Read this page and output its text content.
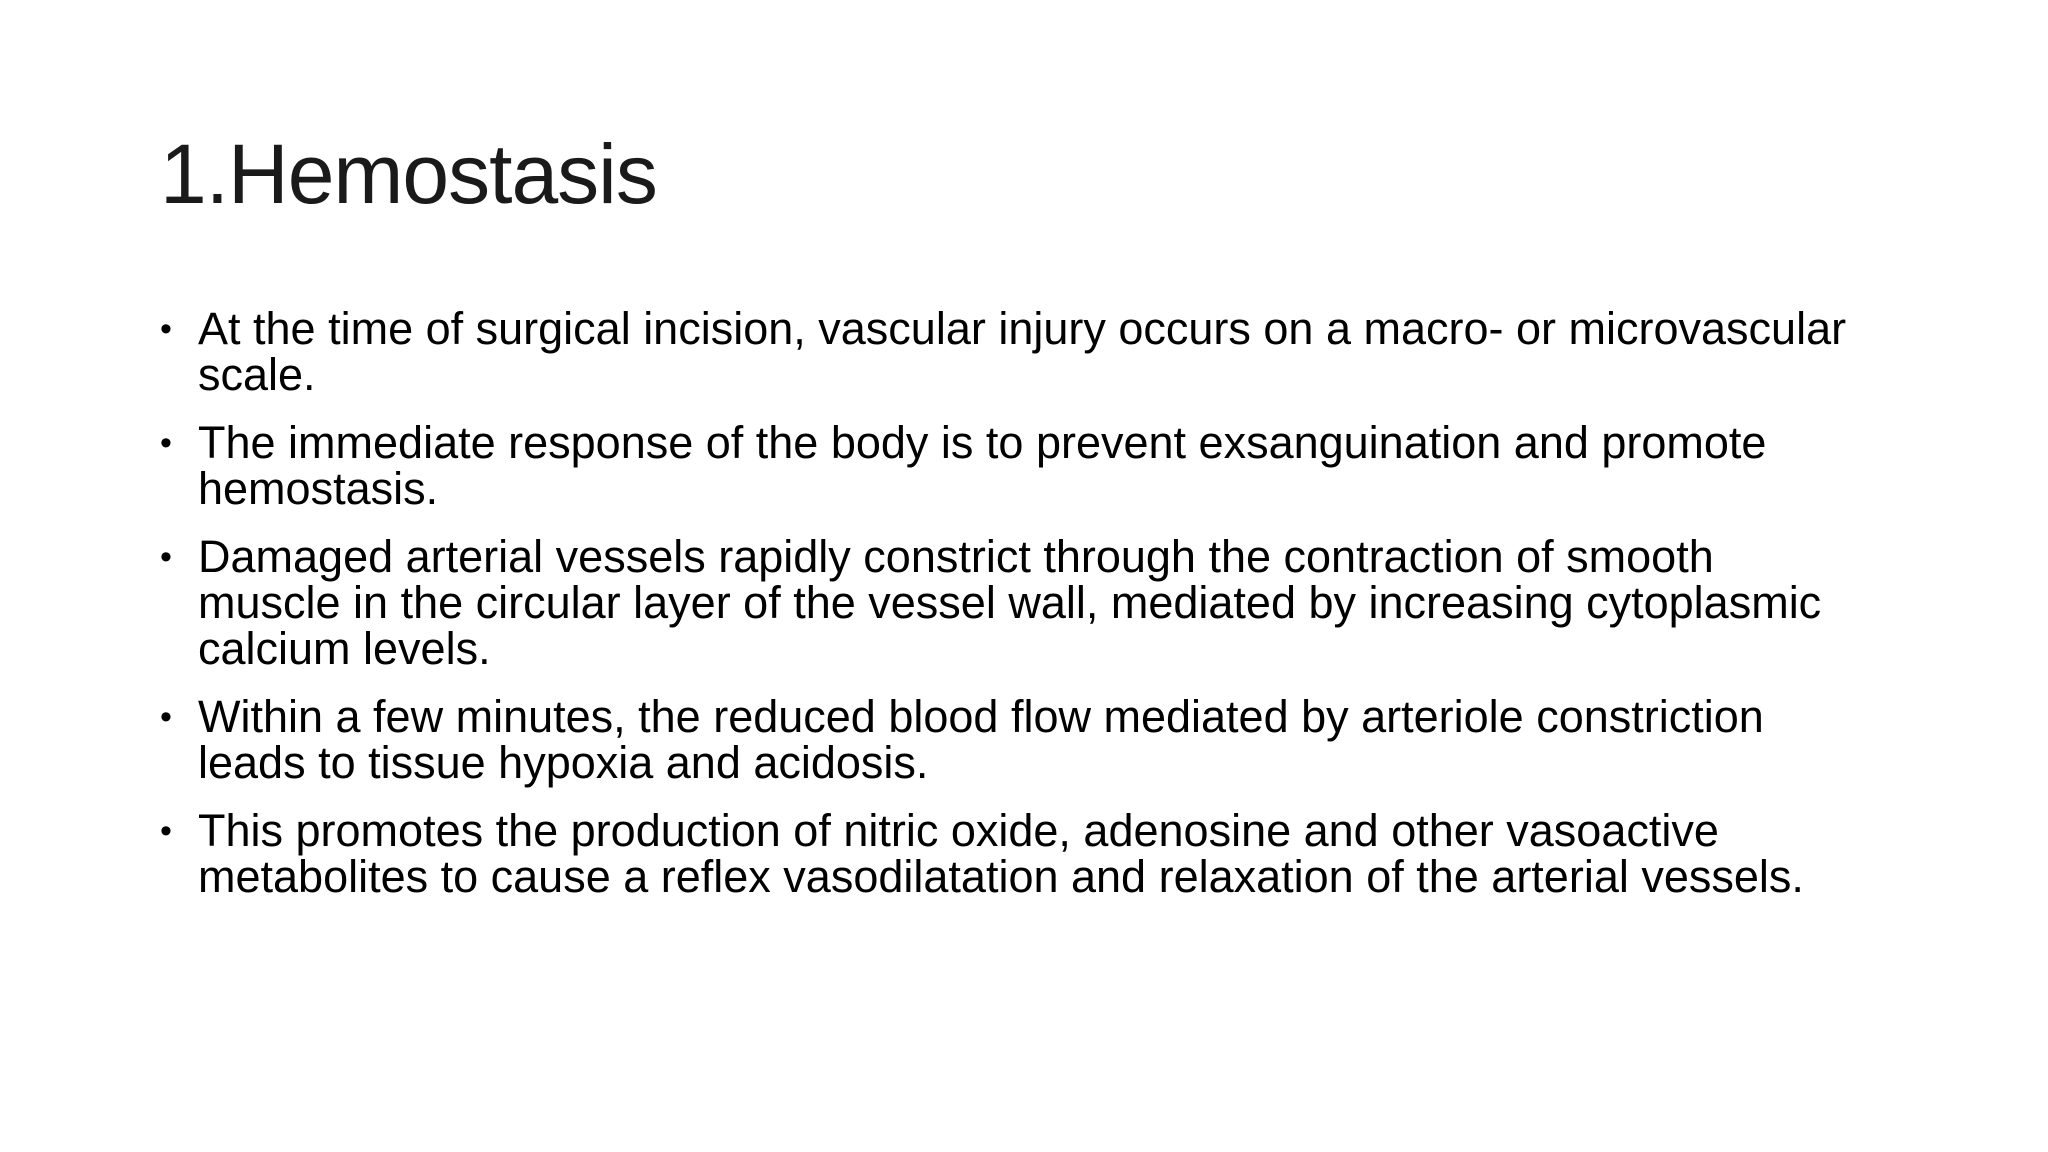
1.Hemostasis
• At the time of surgical incision, vascular injury occurs on a macro- or microvascular scale.
• The immediate response of the body is to prevent exsanguination and promote hemostasis.
• Damaged arterial vessels rapidly constrict through the contraction of smooth muscle in the circular layer of the vessel wall, mediated by increasing cytoplasmic calcium levels.
• Within a few minutes, the reduced blood flow mediated by arteriole constriction leads to tissue hypoxia and acidosis.
• This promotes the production of nitric oxide, adenosine and other vasoactive metabolites to cause a reflex vasodilatation and relaxation of the arterial vessels.
